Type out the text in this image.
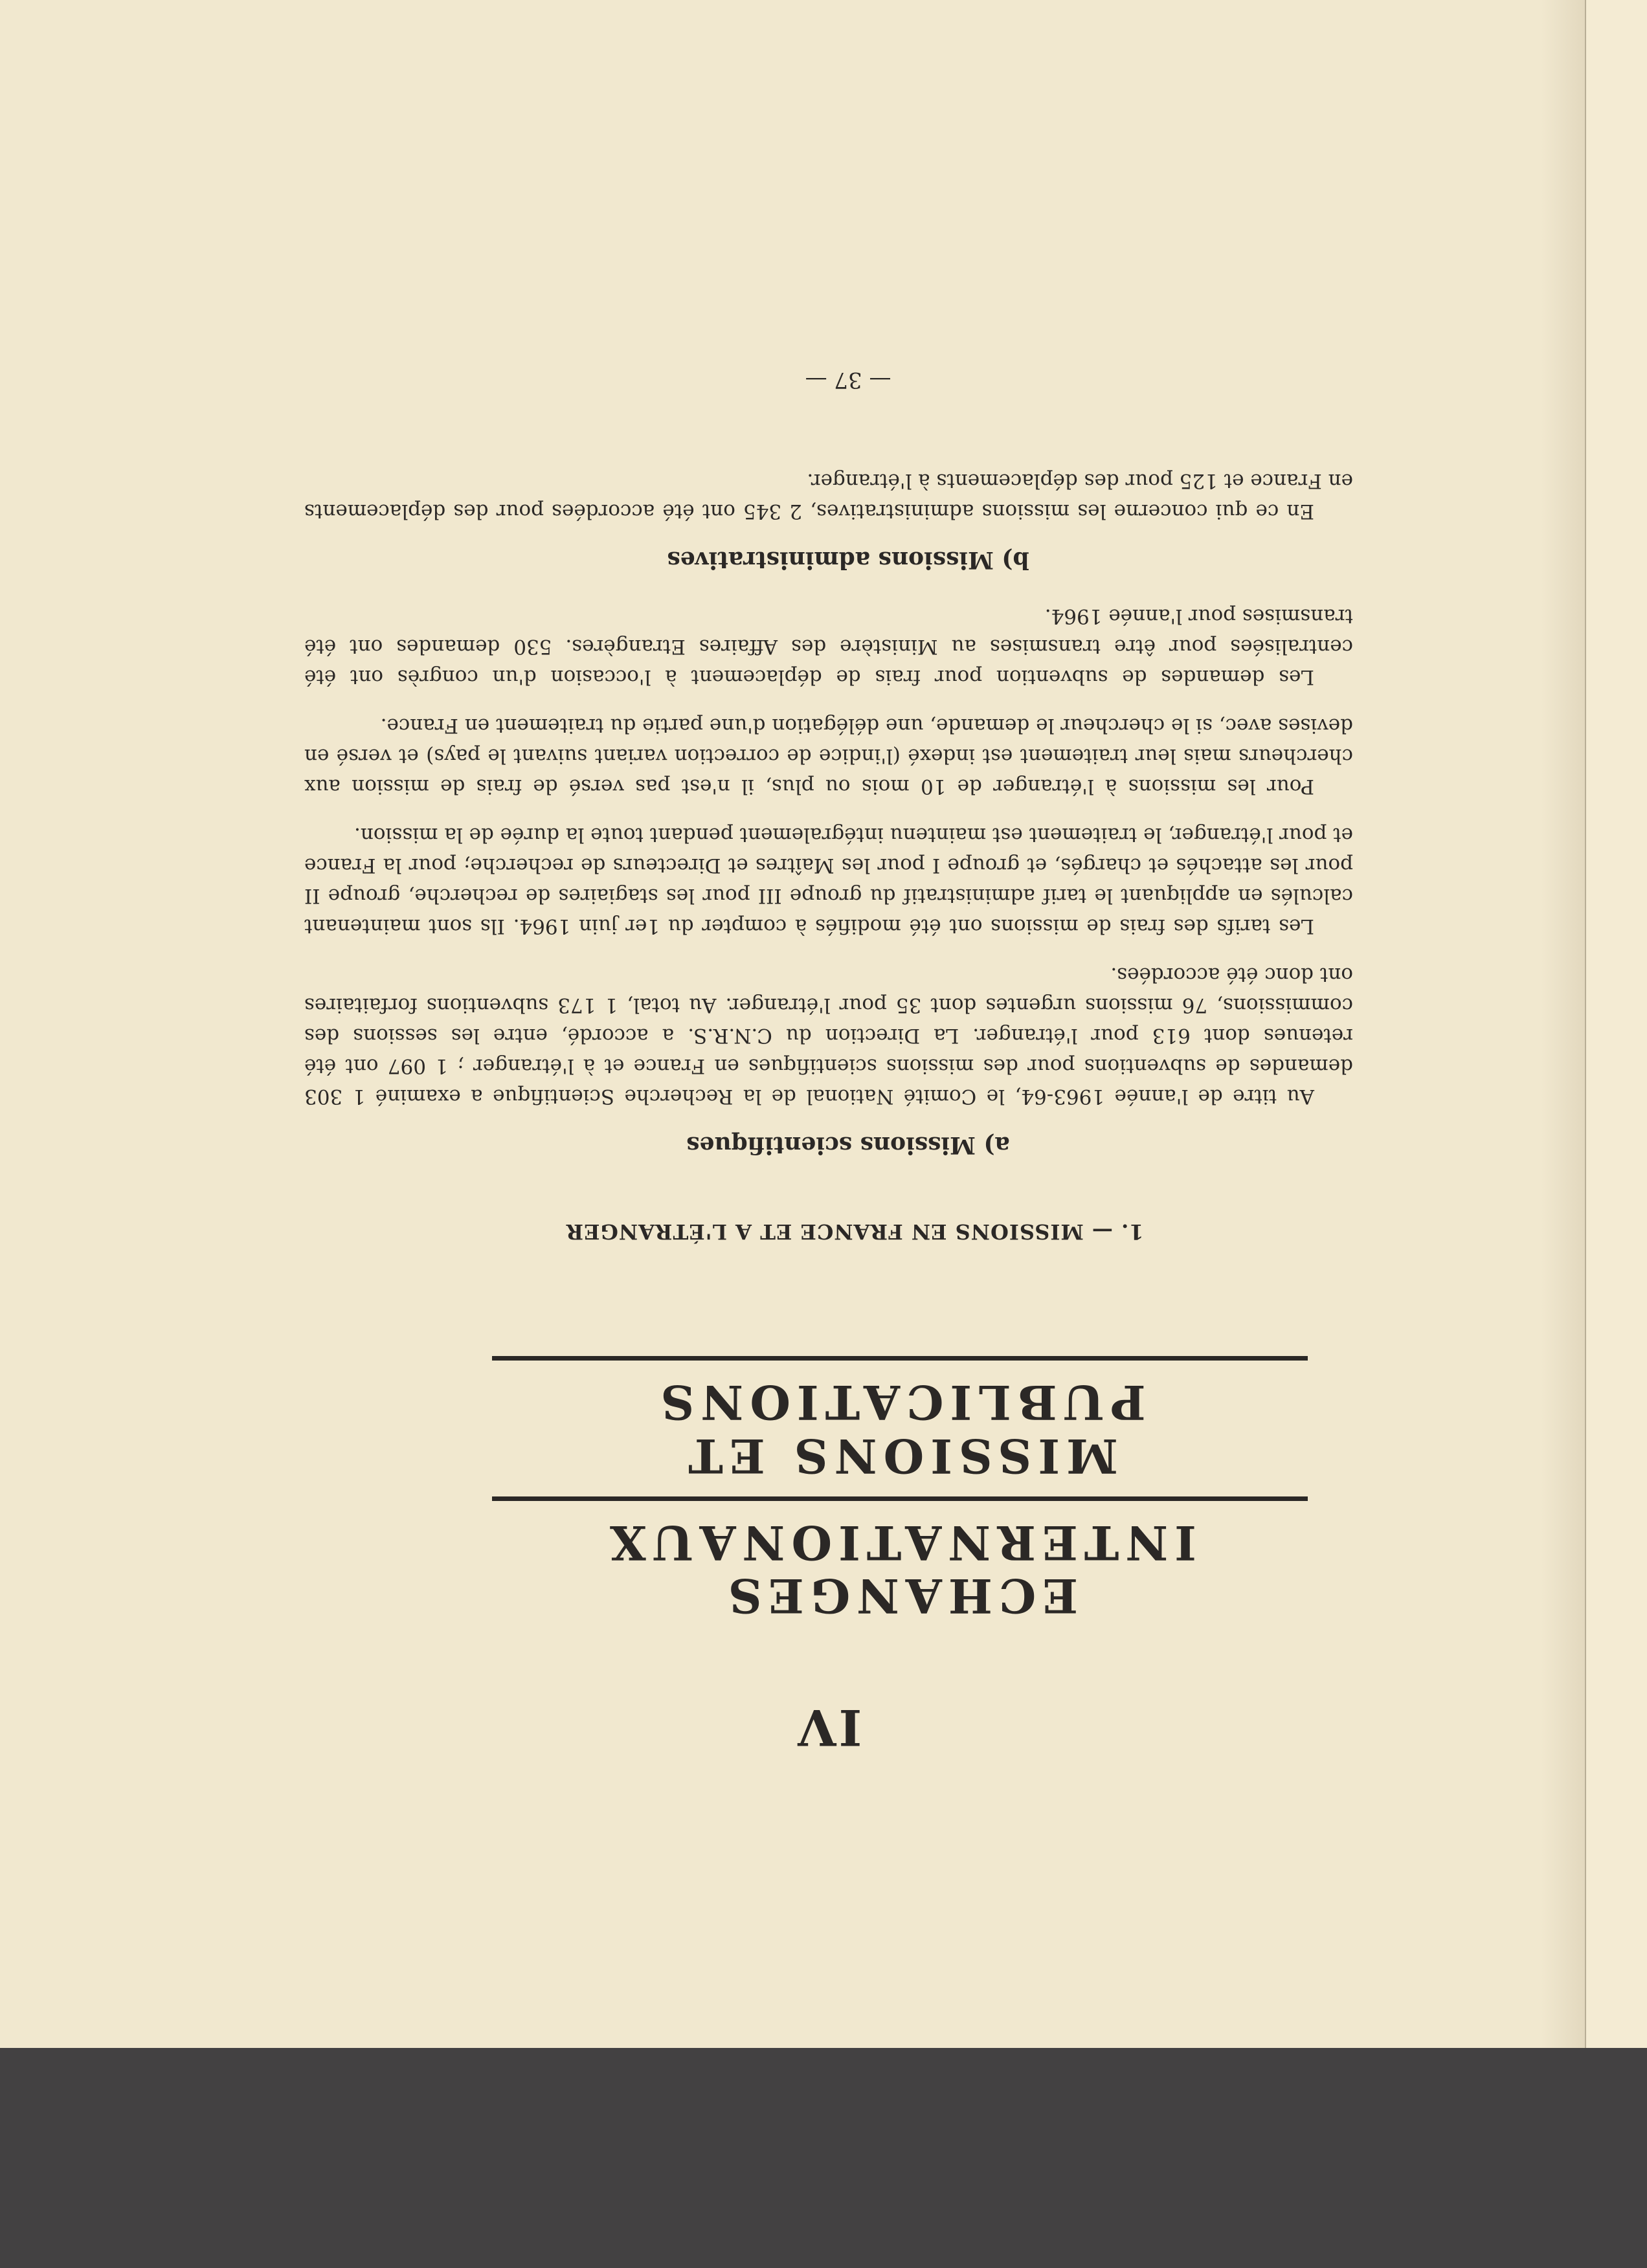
IV
ECHANGES INTERNATIONAUX
MISSIONS ET PUBLICATIONS
1. — MISSIONS EN FRANCE ET A L'ÉTRANGER
a) Missions scientifiques

Au titre de l'année 1963-64, le Comité National de la Recherche Scientifique a examiné 1 303 demandes de subventions pour des missions scientifiques en France et à l'étranger ; 1 097 ont été retenues dont 613 pour l'étranger. La Direction du C.N.R.S. a accordé, entre les sessions des commissions, 76 missions urgentes dont 35 pour l'étranger. Au total, 1 173 subventions forfaitaires ont donc été accordées.

Les tarifs des frais de missions ont été modifiés à compter du 1er juin 1964. Ils sont maintenant calculés en appliquant le tarif administratif du groupe III pour les stagiaires de recherche, groupe II pour les attachés et chargés, et groupe I pour les Maîtres et Directeurs de recherche; pour la France et pour l'étranger, le traitement est maintenu intégralement pendant toute la durée de la mission.

Pour les missions à l'étranger de 10 mois ou plus, il n'est pas versé de frais de mission aux chercheurs mais leur traitement est indexé (l'indice de correction variant suivant le pays) et versé en devises avec, si le chercheur le demande, une délégation d'une partie du traitement en France.

Les demandes de subvention pour frais de déplacement à l'occasion d'un congrès ont été centralisées pour être transmises au Ministère des Affaires Etrangères. 530 demandes ont été transmises pour l'année 1964.

b) Missions administratives

En ce qui concerne les missions administratives, 2 345 ont été accordées pour des déplacements en France et 125 pour des déplacements à l'étranger.

— 37 —
